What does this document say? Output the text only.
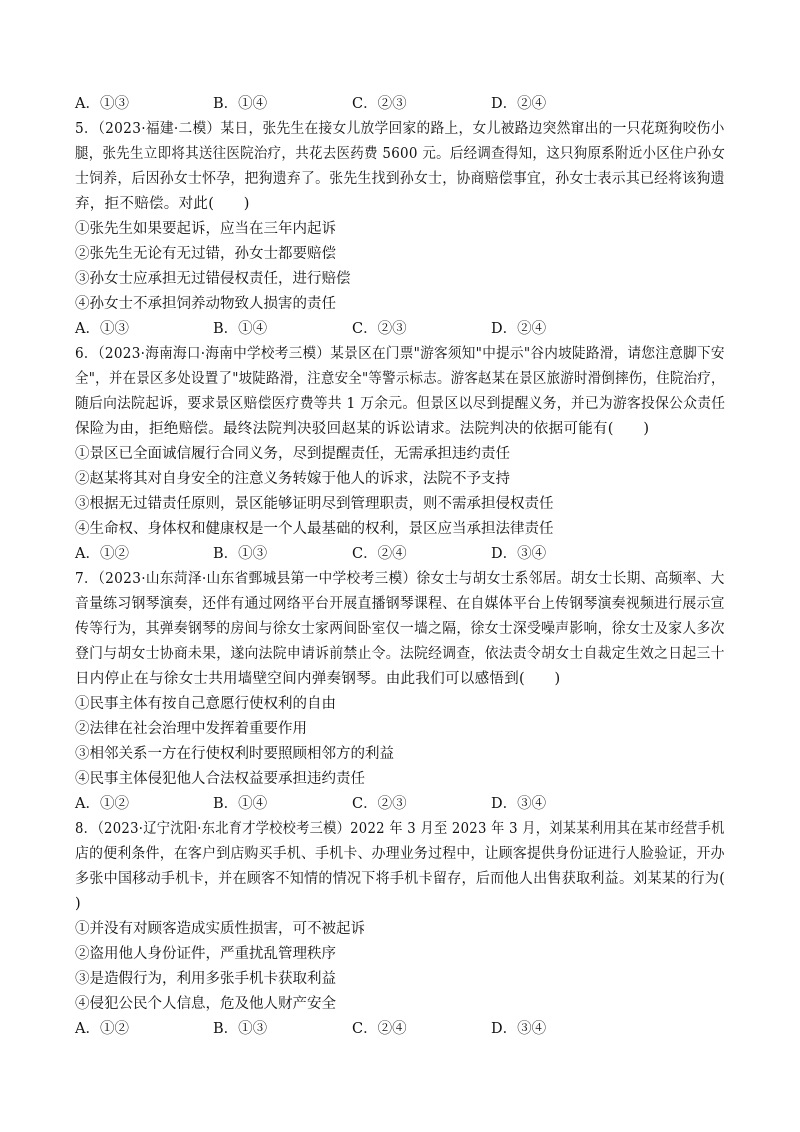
A．①③	B．①④	C．②③	D．②④
5．（2023·福建·二模）某日，张先生在接女儿放学回家的路上，女儿被路边突然窜出的一只花斑狗咬伤小
腿，张先生立即将其送往医院治疗，共花去医药费 5600 元。后经调查得知，这只狗原系附近小区住户孙女
士饲养，后因孙女士怀孕，把狗遗弃了。张先生找到孙女士，协商赔偿事宜，孙女士表示其已经将该狗遗
弃，拒不赔偿。对此(　　)
①张先生如果要起诉，应当在三年内起诉
②张先生无论有无过错，孙女士都要赔偿
③孙女士应承担无过错侵权责任，进行赔偿
④孙女士不承担饲养动物致人损害的责任
A．①③	B．①④	C．②③	D．②④
6．（2023·海南海口·海南中学校考三模）某景区在门票"游客须知"中提示"谷内坡陡路滑，请您注意脚下安
全"，并在景区多处设置了"坡陡路滑，注意安全"等警示标志。游客赵某在景区旅游时滑倒摔伤，住院治疗，
随后向法院起诉，要求景区赔偿医疗费等共 1 万余元。但景区以尽到提醒义务，并已为游客投保公众责任
保险为由，拒绝赔偿。最终法院判决驳回赵某的诉讼请求。法院判决的依据可能有(　　)
①景区已全面诚信履行合同义务，尽到提醒责任，无需承担违约责任
②赵某将其对自身安全的注意义务转嫁于他人的诉求，法院不予支持
③根据无过错责任原则，景区能够证明尽到管理职责，则不需承担侵权责任
④生命权、身体权和健康权是一个人最基础的权利，景区应当承担法律责任
A．①②	B．①③	C．②④	D．③④
7．（2023·山东菏泽·山东省鄄城县第一中学校考三模）徐女士与胡女士系邻居。胡女士长期、高频率、大
音量练习钢琴演奏，还伴有通过网络平台开展直播钢琴课程、在自媒体平台上传钢琴演奏视频进行展示宣
传等行为，其弹奏钢琴的房间与徐女士家两间卧室仅一墙之隔，徐女士深受噪声影响，徐女士及家人多次
登门与胡女士协商未果，遂向法院申请诉前禁止令。法院经调查，依法责令胡女士自裁定生效之日起三十
日内停止在与徐女士共用墙壁空间内弹奏钢琴。由此我们可以感悟到(　　)
①民事主体有按自己意愿行使权利的自由
②法律在社会治理中发挥着重要作用
③相邻关系一方在行使权利时要照顾相邻方的利益
④民事主体侵犯他人合法权益要承担违约责任
A．①②	B．①④	C．②③	D．③④
8．（2023·辽宁沈阳·东北育才学校校考三模）2022 年 3 月至 2023 年 3 月，刘某某利用其在某市经营手机
店的便利条件，在客户到店购买手机、手机卡、办理业务过程中，让顾客提供身份证进行人脸验证，开办
多张中国移动手机卡，并在顾客不知情的情况下将手机卡留存，后而他人出售获取利益。刘某某的行为(
)
①并没有对顾客造成实质性损害，可不被起诉
②盗用他人身份证件，严重扰乱管理秩序
③是造假行为，利用多张手机卡获取利益
④侵犯公民个人信息，危及他人财产安全
A．①②	B．①③	C．②④	D．③④
